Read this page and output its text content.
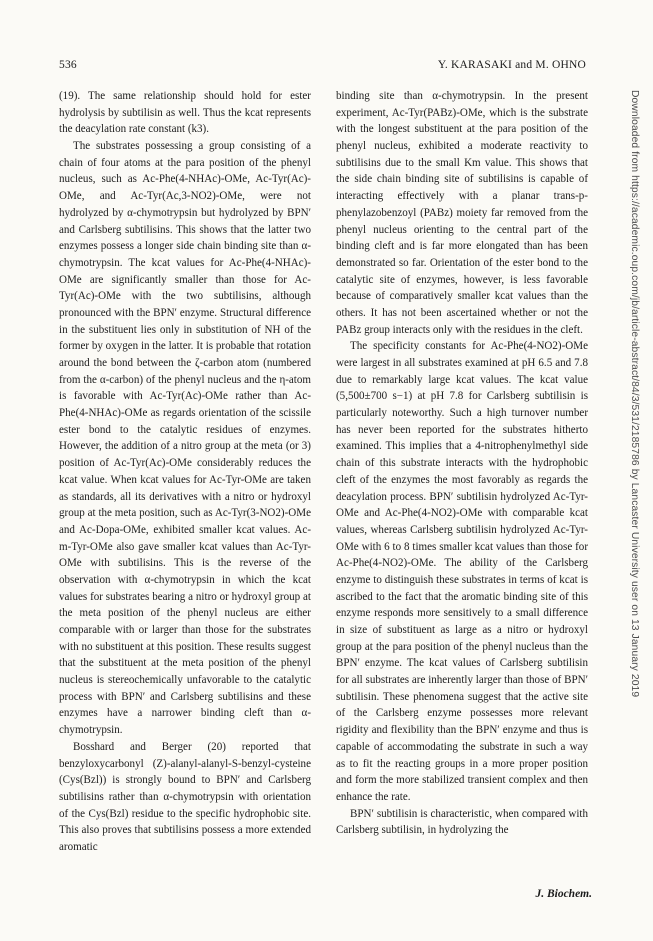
536	Y. KARASAKI and M. OHNO

(19). The same relationship should hold for ester hydrolysis by subtilisin as well. Thus the kcat represents the deacylation rate constant (k3).

The substrates possessing a group consisting of a chain of four atoms at the para position of the phenyl nucleus, such as Ac-Phe(4-NHAc)-OMe, Ac-Tyr(Ac)-OMe, and Ac-Tyr(Ac,3-NO2)-OMe, were not hydrolyzed by α-chymotrypsin but hydrolyzed by BPN′ and Carlsberg subtilisins. This shows that the latter two enzymes possess a longer side chain binding site than α-chymotrypsin. The kcat values for Ac-Phe(4-NHAc)-OMe are significantly smaller than those for Ac-Tyr(Ac)-OMe with the two subtilisins, although pronounced with the BPN′ enzyme. Structural difference in the substituent lies only in substitution of NH of the former by oxygen in the latter. It is probable that rotation around the bond between the ζ-carbon atom (numbered from the α-carbon) of the phenyl nucleus and the η-atom is favorable with Ac-Tyr(Ac)-OMe rather than Ac-Phe(4-NHAc)-OMe as regards orientation of the scissile ester bond to the catalytic residues of enzymes. However, the addition of a nitro group at the meta (or 3) position of Ac-Tyr(Ac)-OMe considerably reduces the kcat value. When kcat values for Ac-Tyr-OMe are taken as standards, all its derivatives with a nitro or hydroxyl group at the meta position, such as Ac-Tyr(3-NO2)-OMe and Ac-Dopa-OMe, exhibited smaller kcat values. Ac-m-Tyr-OMe also gave smaller kcat values than Ac-Tyr-OMe with subtilisins. This is the reverse of the observation with α-chymotrypsin in which the kcat values for substrates bearing a nitro or hydroxyl group at the meta position of the phenyl nucleus are either comparable with or larger than those for the substrates with no substituent at this position. These results suggest that the substituent at the meta position of the phenyl nucleus is stereochemically unfavorable to the catalytic process with BPN′ and Carlsberg subtilisins and these enzymes have a narrower binding cleft than α-chymotrypsin.

Bosshard and Berger (20) reported that benzyloxycarbonyl (Z)-alanyl-alanyl-S-benzyl-cysteine (Cys(Bzl)) is strongly bound to BPN′ and Carlsberg subtilisins rather than α-chymotrypsin with orientation of the Cys(Bzl) residue to the specific hydrophobic site. This also proves that subtilisins possess a more extended aromatic

binding site than α-chymotrypsin. In the present experiment, Ac-Tyr(PABz)-OMe, which is the substrate with the longest substituent at the para position of the phenyl nucleus, exhibited a moderate reactivity to subtilisins due to the small Km value. This shows that the side chain binding site of subtilisins is capable of interacting effectively with a planar trans-p-phenylazobenzoyl (PABz) moiety far removed from the phenyl nucleus orienting to the central part of the binding cleft and is far more elongated than has been demonstrated so far. Orientation of the ester bond to the catalytic site of enzymes, however, is less favorable because of comparatively smaller kcat values than the others. It has not been ascertained whether or not the PABz group interacts only with the residues in the cleft.

The specificity constants for Ac-Phe(4-NO2)-OMe were largest in all substrates examined at pH 6.5 and 7.8 due to remarkably large kcat values. The kcat value (5,500±700 s−1) at pH 7.8 for Carlsberg subtilisin is particularly noteworthy. Such a high turnover number has never been reported for the substrates hitherto examined. This implies that a 4-nitrophenylmethyl side chain of this substrate interacts with the hydrophobic cleft of the enzymes the most favorably as regards the deacylation process. BPN′ subtilisin hydrolyzed Ac-Tyr-OMe and Ac-Phe(4-NO2)-OMe with comparable kcat values, whereas Carlsberg subtilisin hydrolyzed Ac-Tyr-OMe with 6 to 8 times smaller kcat values than those for Ac-Phe(4-NO2)-OMe. The ability of the Carlsberg enzyme to distinguish these substrates in terms of kcat is ascribed to the fact that the aromatic binding site of this enzyme responds more sensitively to a small difference in size of substituent as large as a nitro or hydroxyl group at the para position of the phenyl nucleus than the BPN′ enzyme. The kcat values of Carlsberg subtilisin for all substrates are inherently larger than those of BPN′ subtilisin. These phenomena suggest that the active site of the Carlsberg enzyme possesses more relevant rigidity and flexibility than the BPN′ enzyme and thus is capable of accommodating the substrate in such a way as to fit the reacting groups in a more proper position and form the more stabilized transient complex and then enhance the rate.

BPN′ subtilisin is characteristic, when compared with Carlsberg subtilisin, in hydrolyzing the

J. Biochem.
Downloaded from https://academic.oup.com/jb/article-abstract/84/3/531/2185786 by Lancaster University user on 13 January 2019
